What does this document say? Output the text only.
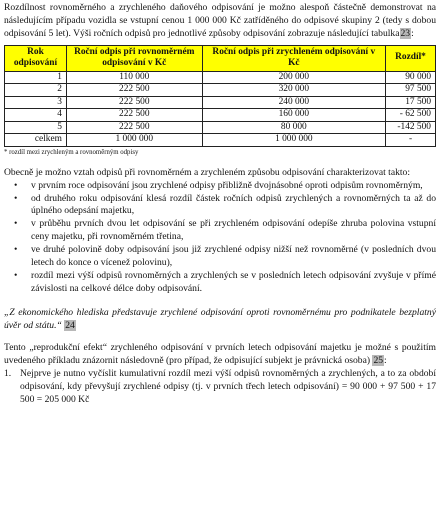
Rozdílnost rovnoměrného a zrychleného daňového odpisování je možno alespoň částečně demonstrovat na následujícím případu vozidla se vstupní cenou 1 000 000 Kč zatříděného do odpisové skupiny 2 (tedy s dobou odpisování 5 let). Výši ročních odpisů pro jednotlivé způsoby odpisování zobrazuje následující tabulka23:

Rok odpisování	Roční odpis při rovnoměrném odpisování v Kč	Roční odpis při zrychleném odpisování v Kč	Rozdíl*
1	110 000	200 000	90 000
2	222 500	320 000	97 500
3	222 500	240 000	17 500
4	222 500	160 000	- 62 500
5	222 500	80 000	-142 500
celkem	1 000 000	1 000 000	-
* rozdíl mezi zrychleným a rovnoměrným odpisy

Obecně je možno vztah odpisů při rovnoměrném a zrychleném způsobu odpisování charakterizovat takto:

• v prvním roce odpisování jsou zrychlené odpisy přibližně dvojnásobné oproti odpisům rovnoměrným,
• od druhého roku odpisování klesá rozdíl částek ročních odpisů zrychlených a rovnoměrných ta až do úplného odepsání majetku,
• v průběhu prvních dvou let odpisování se při zrychleném odpisování odepíše zhruba polovina vstupní ceny majetku, při rovnoměrném třetina,
• ve druhé polovině doby odpisování jsou již zrychlené odpisy nižší než rovnoměrné (v posledních dvou letech do konce o vícenež polovinu),
• rozdíl mezi výší odpisů rovnoměrných a zrychlených se v posledních letech odpisování zvyšuje v přímé závislosti na celkové délce doby odpisování.

„Z ekonomického hlediska představuje zrychlené odpisování oproti rovnoměrnému pro podnikatele bezplatný úvěr od státu.“ 24

Tento „reprodukční efekt“ zrychleného odpisování v prvních letech odpisování majetku je možné s použitím uvedeného příkladu znázornit následovně (pro případ, že odpisující subjekt je právnická osoba) 25:

1. Nejprve je nutno vyčíslit kumulativní rozdíl mezi výší odpisů rovnoměrných a zrychlených, a to za období odpisování, kdy převyšují zrychlené odpisy (tj. v prvních třech letech odpisování) = 90 000 + 97 500 + 17 500 = 205 000 Kč
